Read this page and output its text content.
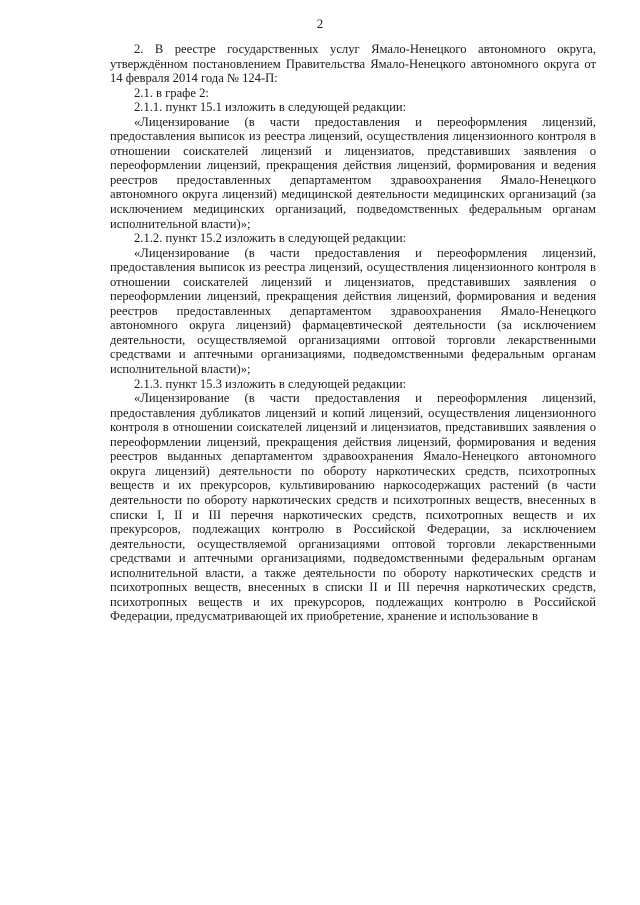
2

2. В реестре государственных услуг Ямало-Ненецкого автономного округа, утверждённом постановлением Правительства Ямало-Ненецкого автономного округа от 14 февраля 2014 года № 124-П:

2.1. в графе 2:

2.1.1. пункт 15.1 изложить в следующей редакции:

«Лицензирование (в части предоставления и переоформления лицензий, предоставления выписок из реестра лицензий, осуществления лицензионного контроля в отношении соискателей лицензий и лицензиатов, представивших заявления о переоформлении лицензий, прекращения действия лицензий, формирования и ведения реестров предоставленных департаментом здравоохранения Ямало-Ненецкого автономного округа лицензий) медицинской деятельности медицинских организаций (за исключением медицинских организаций, подведомственных федеральным органам исполнительной власти)»;

2.1.2. пункт 15.2 изложить в следующей редакции:

«Лицензирование (в части предоставления и переоформления лицензий, предоставления выписок из реестра лицензий, осуществления лицензионного контроля в отношении соискателей лицензий и лицензиатов, представивших заявления о переоформлении лицензий, прекращения действия лицензий, формирования и ведения реестров предоставленных департаментом здравоохранения Ямало-Ненецкого автономного округа лицензий) фармацевтической деятельности (за исключением деятельности, осуществляемой организациями оптовой торговли лекарственными средствами и аптечными организациями, подведомственными федеральным органам исполнительной власти)»;

2.1.3. пункт 15.3 изложить в следующей редакции:

«Лицензирование (в части предоставления и переоформления лицензий, предоставления дубликатов лицензий и копий лицензий, осуществления лицензионного контроля в отношении соискателей лицензий и лицензиатов, представивших заявления о переоформлении лицензий, прекращения действия лицензий, формирования и ведения реестров выданных департаментом здравоохранения Ямало-Ненецкого автономного округа лицензий) деятельности по обороту наркотических средств, психотропных веществ и их прекурсоров, культивированию наркосодержащих растений (в части деятельности по обороту наркотических средств и психотропных веществ, внесенных в списки I, II и III перечня наркотических средств, психотропных веществ и их прекурсоров, подлежащих контролю в Российской Федерации, за исключением деятельности, осуществляемой организациями оптовой торговли лекарственными средствами и аптечными организациями, подведомственными федеральным органам исполнительной власти, а также деятельности по обороту наркотических средств и психотропных веществ, внесенных в списки II и III перечня наркотических средств, психотропных веществ и их прекурсоров, подлежащих контролю в Российской Федерации, предусматривающей их приобретение, хранение и использование в
